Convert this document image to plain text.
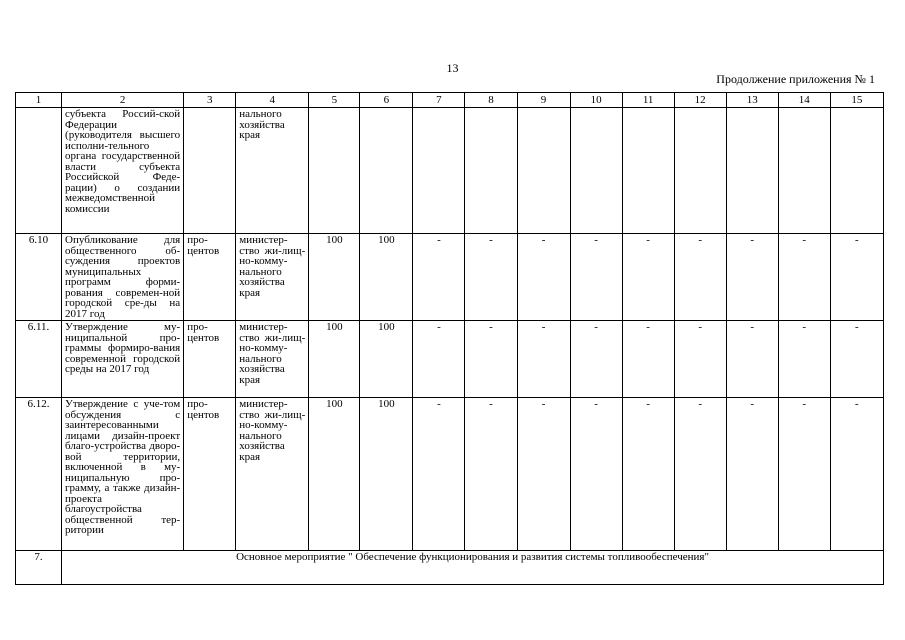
13
Продолжение приложения № 1
1	2	3	4	5	6	7	8	9	10	11	12	13	14	15
	субъекта Россий-ской Федерации (руководителя высшего исполни-тельного органа государственной власти субъекта Российской Феде-рации) о создании межведомственной комиссии		нального хозяйства края											
6.10	Опубликование для общественного об-суждения проектов муниципальных программ форми-рования современ-ной городской сре-ды на 2017 год	про-центов	министер-ство жи-лищ-но-комму-нального хозяйства края	100	100	-	-	-	-	-	-	-	-	-
6.11.	Утверждение му-ниципальной про-граммы формиро-вания современной городской среды на 2017 год	про-центов	министер-ство жи-лищ-но-комму-нального хозяйства края	100	100	-	-	-	-	-	-	-	-	-
6.12.	Утверждение с уче-том обсуждения с заинтересованными лицами дизайн-проект благо-устройства дворо-вой территории, включенной в му-ниципальную про-грамму, а также дизайн-проекта благоустройства общественной тер-ритории	про-центов	министер-ство жи-лищ-но-комму-нального хозяйства края	100	100	-	-	-	-	-	-	-	-	-
7.	Основное мероприятие " Обеспечение функционирования и развития системы топливообеспечения"													
